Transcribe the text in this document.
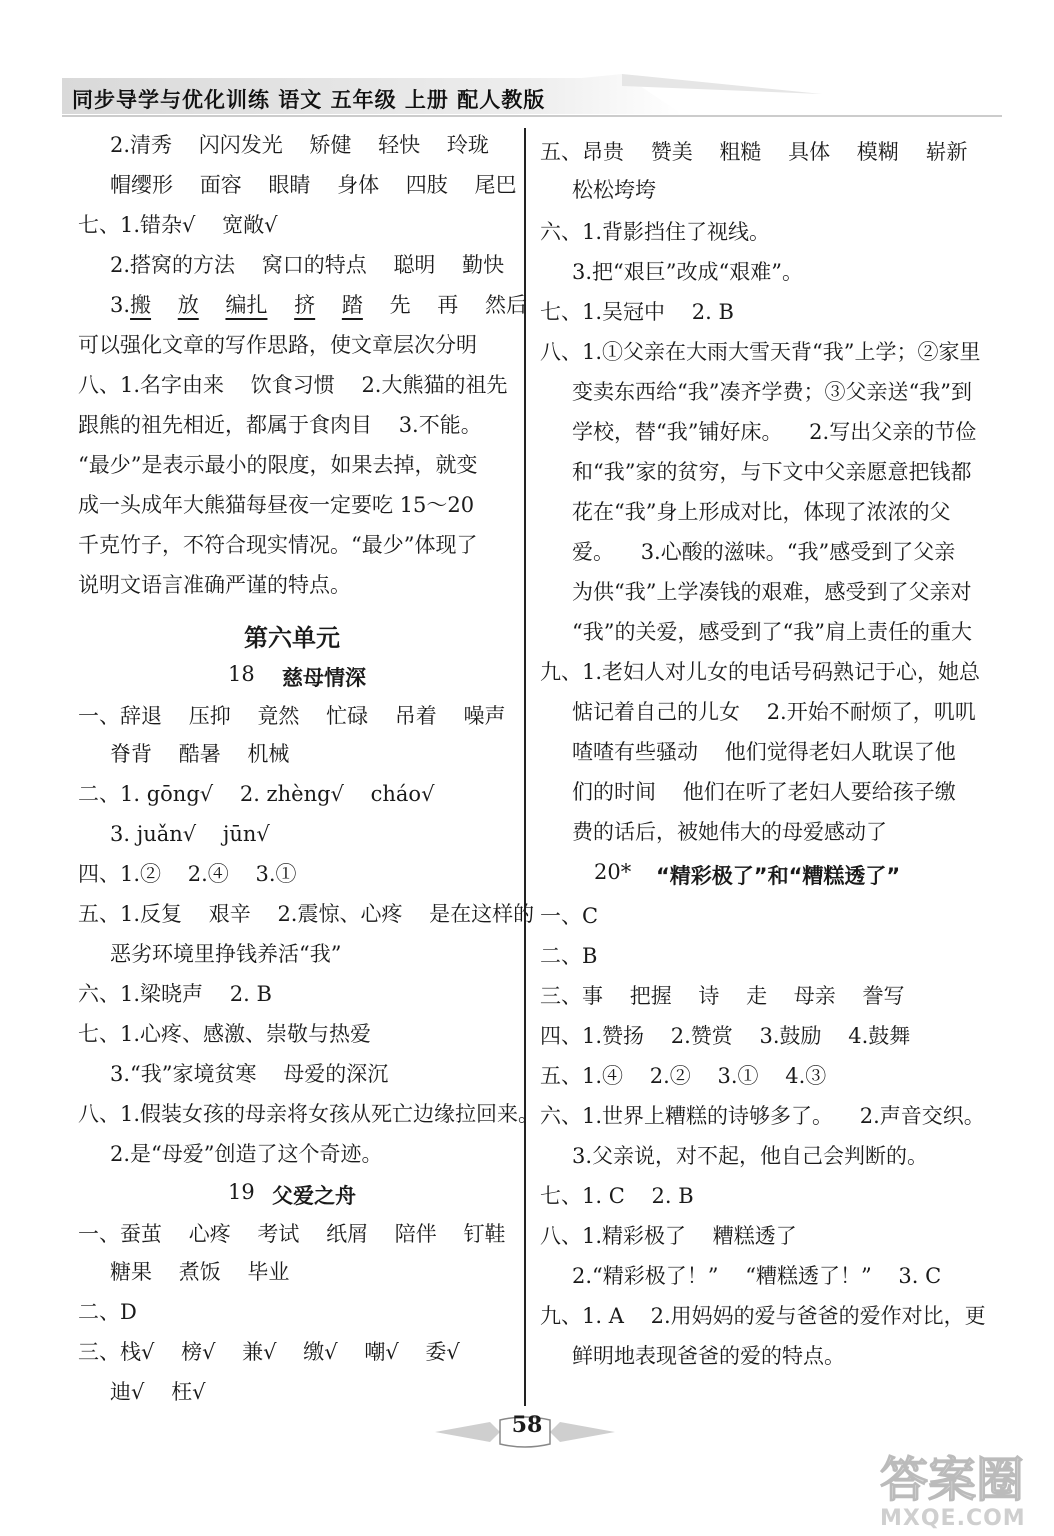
同步导学与优化训练 语文 五年级 上册 配人教版
2.清秀    闪闪发光    矫健    轻快    玲珑
帽缨形    面容    眼睛    身体    四肢    尾巴
七、1.错杂√    宽敞√
2.搭窝的方法    窝口的特点    聪明    勤快
3.搬 放 编扎 挤 踏 先    再    然后
可以强化文章的写作思路，使文章层次分明
八、1.名字由来    饮食习惯    2.大熊猫的祖先
跟熊的祖先相近，都属于食肉目    3.不能。
“最少”是表示最小的限度，如果去掉，就变
成一头成年大熊猫每昼夜一定要吃 15～20
千克竹子，不符合现实情况。“最少”体现了
说明文语言准确严谨的特点。
第六单元
18 慈母情深
一、辞退    压抑    竟然    忙碌    吊着    噪声
脊背    酷暑    机械
二、1. gōng√    2. zhèng√    cháo√
3. juǎn√    jūn√
四、1.②    2.④    3.①
五、1.反复    艰辛    2.震惊、心疼    是在这样的
恶劣环境里挣钱养活“我”
六、1.梁晓声    2. B
七、1.心疼、感激、崇敬与热爱
3.“我”家境贫寒    母爱的深沉
八、1.假装女孩的母亲将女孩从死亡边缘拉回来。
2.是“母爱”创造了这个奇迹。
19 父爱之舟
一、蚕茧    心疼    考试    纸屑    陪伴    钉鞋
糖果    煮饭    毕业
二、D
三、栈√    榜√    兼√    缴√    嘲√    委√
迪√    枉√
五、昂贵    赞美    粗糙    具体    模糊    崭新
松松垮垮
六、1.背影挡住了视线。
3.把“艰巨”改成“艰难”。
七、1.吴冠中    2. B
八、1.①父亲在大雨大雪天背“我”上学；②家里
变卖东西给“我”凑齐学费；③父亲送“我”到
学校，替“我”铺好床。    2.写出父亲的节俭
和“我”家的贫穷，与下文中父亲愿意把钱都
花在“我”身上形成对比，体现了浓浓的父
爱。    3.心酸的滋味。“我”感受到了父亲
为供“我”上学凑钱的艰难，感受到了父亲对
“我”的关爱，感受到了“我”肩上责任的重大
九、1.老妇人对儿女的电话号码熟记于心，她总
惦记着自己的儿女    2.开始不耐烦了，叽叽
喳喳有些骚动    他们觉得老妇人耽误了他
们的时间    他们在听了老妇人要给孩子缴
费的话后，被她伟大的母爱感动了
20* “精彩极了”和“糟糕透了”
一、C
二、B
三、事    把握    诗    走    母亲    誊写
四、1.赞扬    2.赞赏    3.鼓励    4.鼓舞
五、1.④    2.②    3.①    4.③
六、1.世界上糟糕的诗够多了。    2.声音交织。
3.父亲说，对不起，他自己会判断的。
七、1. C    2. B
八、1.精彩极了    糟糕透了
2.“精彩极了！”    “糟糕透了！”    3. C
九、1. A    2.用妈妈的爱与爸爸的爱作对比，更
鲜明地表现爸爸的爱的特点。
58
答案圈
MXQE.COM
